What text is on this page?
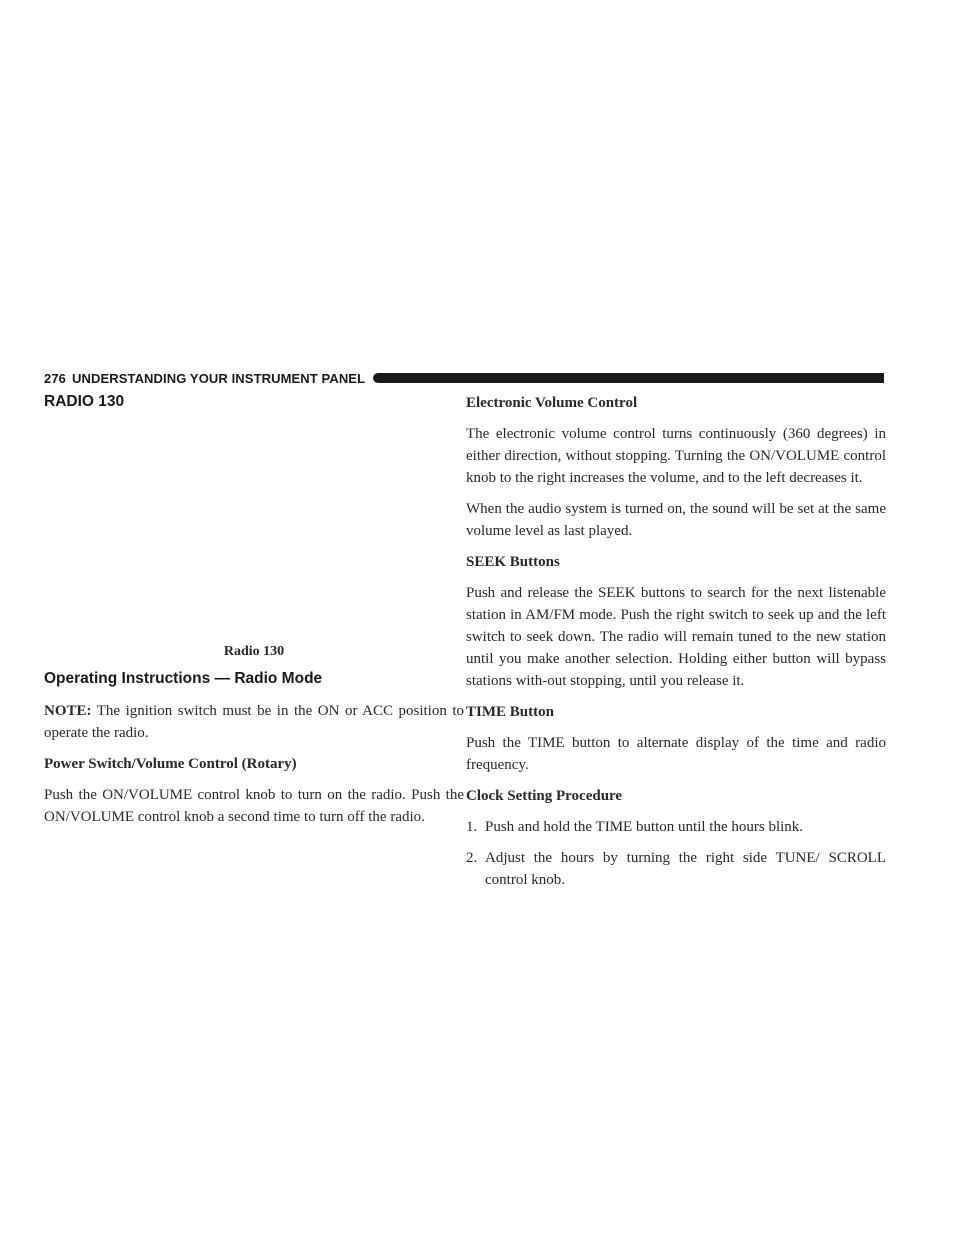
276 UNDERSTANDING YOUR INSTRUMENT PANEL
RADIO 130
Radio 130
Operating Instructions — Radio Mode

NOTE: The ignition switch must be in the ON or ACC position to operate the radio.

Power Switch/Volume Control (Rotary)

Push the ON/VOLUME control knob to turn on the radio. Push the ON/VOLUME control knob a second time to turn off the radio.

Electronic Volume Control

The electronic volume control turns continuously (360 degrees) in either direction, without stopping. Turning the ON/VOLUME control knob to the right increases the volume, and to the left decreases it.

When the audio system is turned on, the sound will be set at the same volume level as last played.

SEEK Buttons

Push and release the SEEK buttons to search for the next listenable station in AM/FM mode. Push the right switch to seek up and the left switch to seek down. The radio will remain tuned to the new station until you make another selection. Holding either button will bypass stations with-out stopping, until you release it.

TIME Button

Push the TIME button to alternate display of the time and radio frequency.

Clock Setting Procedure
1. Push and hold the TIME button until the hours blink.
2. Adjust the hours by turning the right side TUNE/ SCROLL control knob.
